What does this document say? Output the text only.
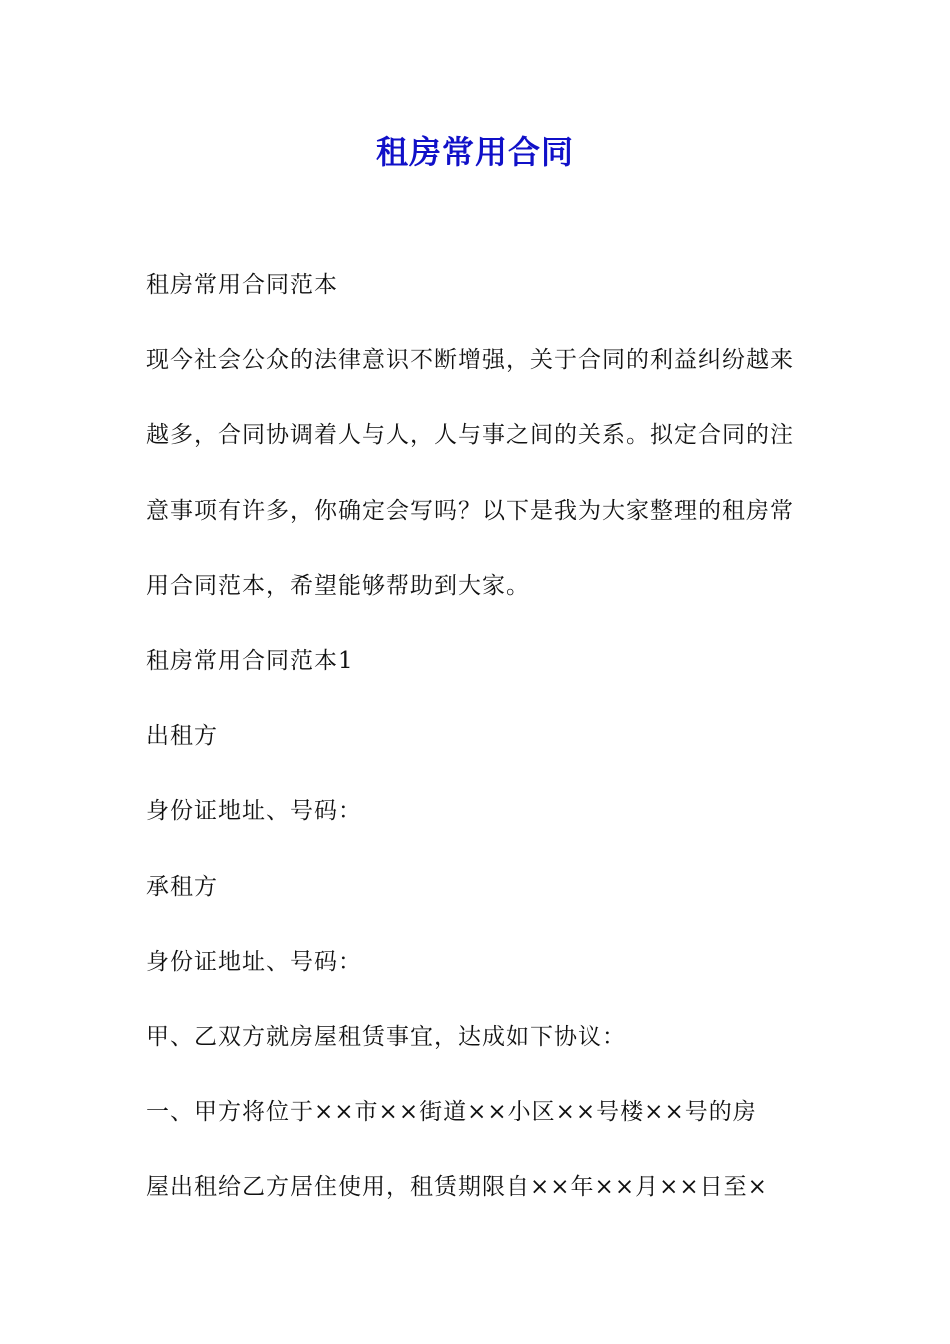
租房常用合同
租房常用合同范本
现今社会公众的法律意识不断增强，关于合同的利益纠纷越来
越多，合同协调着人与人，人与事之间的关系。拟定合同的注
意事项有许多，你确定会写吗？以下是我为大家整理的租房常
用合同范本，希望能够帮助到大家。
租房常用合同范本1
出租方
身份证地址、号码：
承租方
身份证地址、号码：
甲、乙双方就房屋租赁事宜，达成如下协议：
一、甲方将位于××市××街道××小区××号楼××号的房
屋出租给乙方居住使用，租赁期限自××年××月××日至×
